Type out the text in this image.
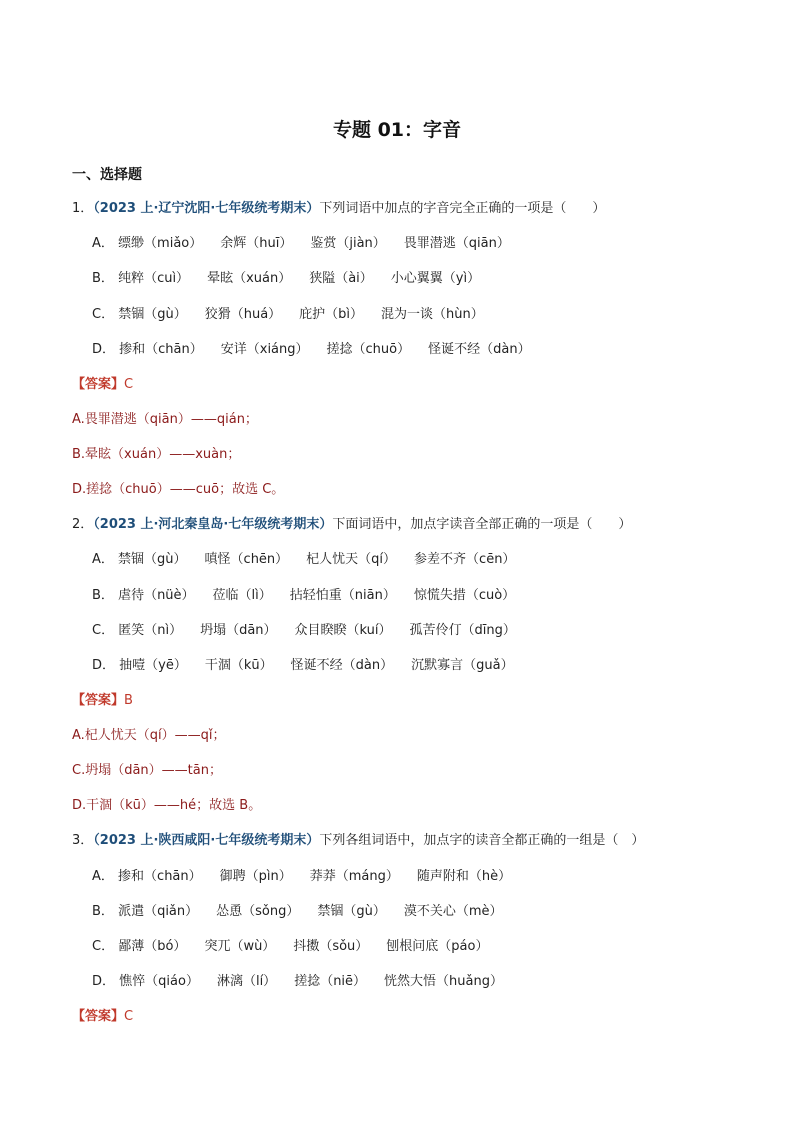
专题 01：字音
一、选择题
1．（2023 上·辽宁沈阳·七年级统考期末）下列词语中加点的字音完全正确的一项是（　　）
A． 缥缈（miǎo） 余辉（huī） 鉴赏（jiàn） 畏罪潜逃（qiān）
B． 纯粹（cuì） 晕眩（xuán） 狭隘（ài） 小心翼翼（yì）
C． 禁锢（gù） 狡猾（huá） 庇护（bì） 混为一谈（hùn）
D． 掺和（chān） 安详（xiáng） 搓捻（chuō） 怪诞不经（dàn）
【答案】C
A.畏罪潜逃（qiān）——qián；
B.晕眩（xuán）——xuàn；
D.搓捻（chuō）——cuō；故选 C。
2．（2023 上·河北秦皇岛·七年级统考期末）下面词语中，加点字读音全部正确的一项是（　　）
A． 禁锢（gù） 嗔怪（chēn） 杞人忧天（qí） 参差不齐（cēn）
B． 虐待（nüè） 莅临（lì） 拈轻怕重（niān） 惊慌失措（cuò）
C． 匿笑（nì） 坍塌（dān） 众目睽睽（kuí） 孤苦伶仃（dīng）
D． 抽噎（yē） 干涸（kū） 怪诞不经（dàn） 沉默寡言（guǎ）
【答案】B
A.杞人忧天（qí）——qǐ；
C.坍塌（dān）——tān；
D.干涸（kū）——hé；故选 B。
3．（2023 上·陕西咸阳·七年级统考期末）下列各组词语中，加点字的读音全都正确的一组是（　）
A． 掺和（chān） 御聘（pìn） 莽莽（máng） 随声附和（hè）
B． 派遣（qiǎn） 怂恿（sǒng） 禁锢（gù） 漠不关心（mè）
C． 鄙薄（bó） 突兀（wù） 抖擞（sǒu） 刨根问底（páo）
D． 憔悴（qiáo） 淋漓（lí） 搓捻（niē） 恍然大悟（huǎng）
【答案】C
